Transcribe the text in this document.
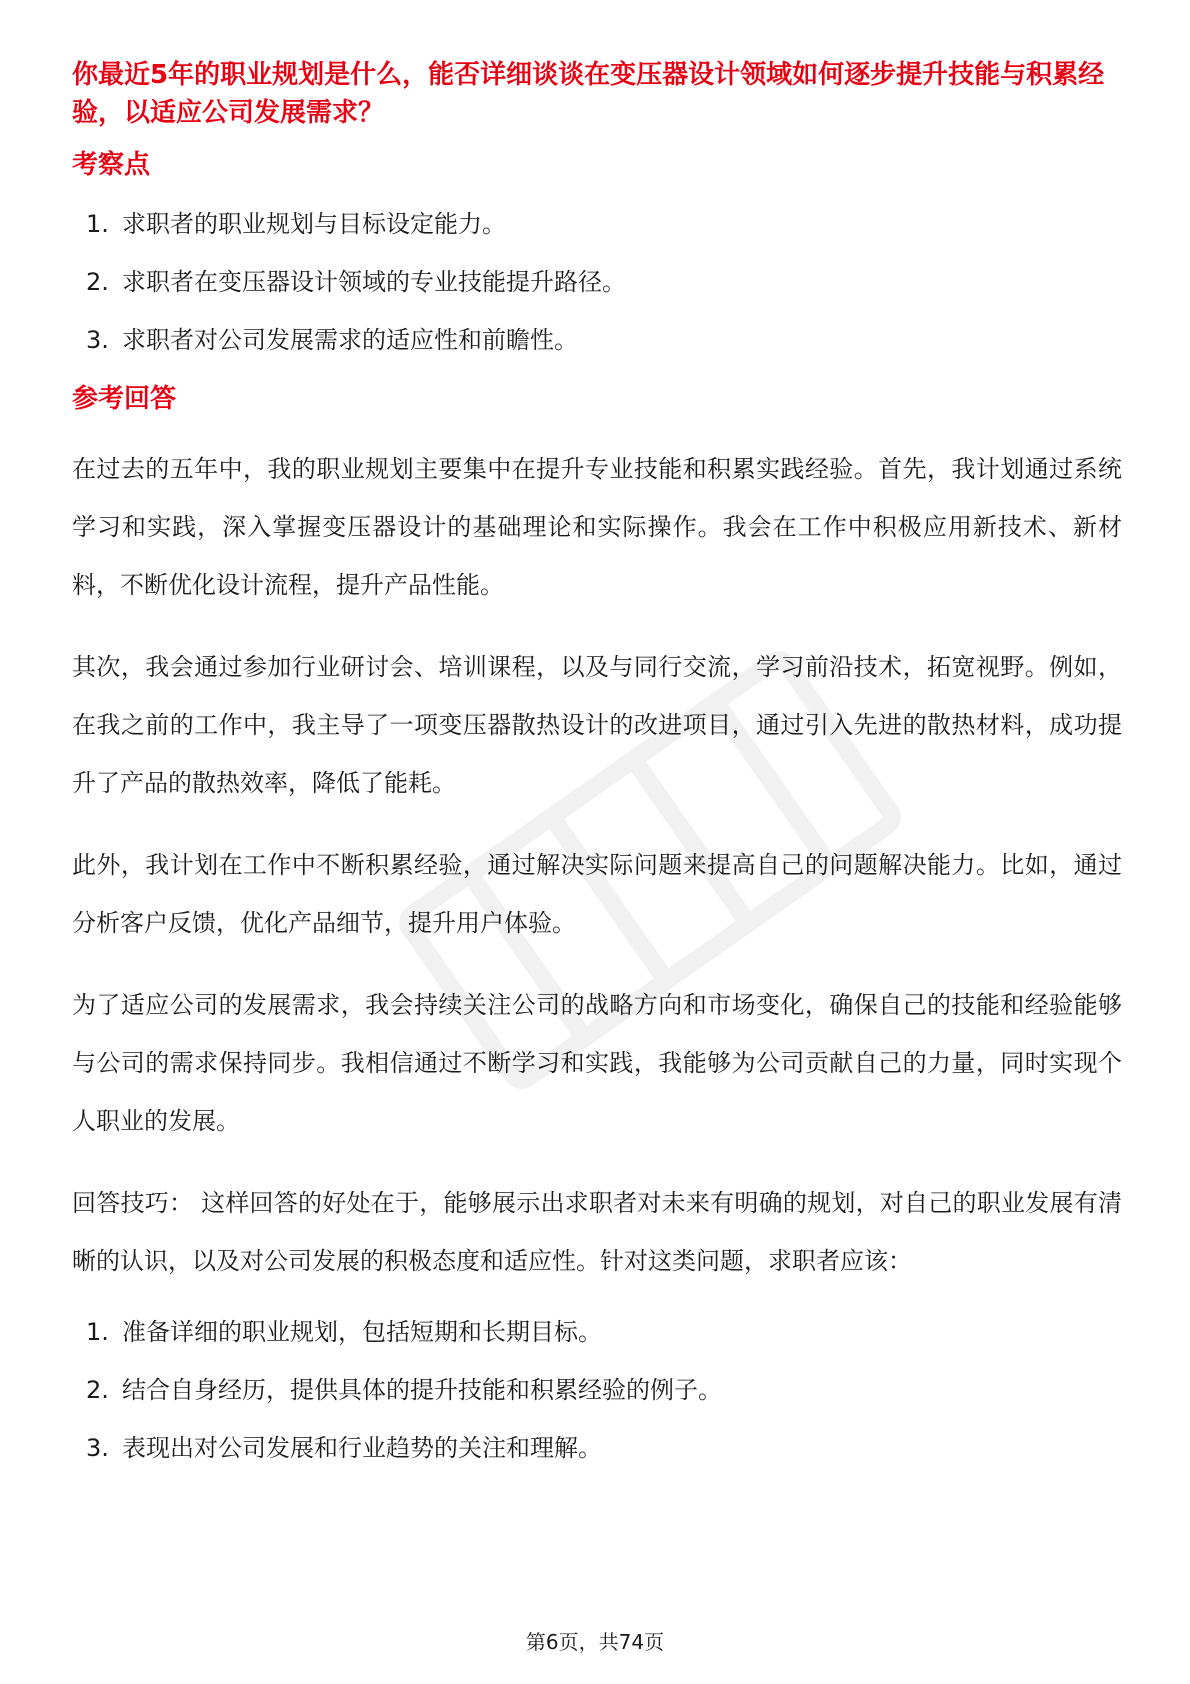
你最近5年的职业规划是什么，能否详细谈谈在变压器设计领域如何逐步提升技能与积累经验，以适应公司发展需求？
考察点
1. 求职者的职业规划与目标设定能力。
2. 求职者在变压器设计领域的专业技能提升路径。
3. 求职者对公司发展需求的适应性和前瞻性。
参考回答

在过去的五年中，我的职业规划主要集中在提升专业技能和积累实践经验。首先，我计划通过系统学习和实践，深入掌握变压器设计的基础理论和实际操作。我会在工作中积极应用新技术、新材料，不断优化设计流程，提升产品性能。

其次，我会通过参加行业研讨会、培训课程，以及与同行交流，学习前沿技术，拓宽视野。例如，在我之前的工作中，我主导了一项变压器散热设计的改进项目，通过引入先进的散热材料，成功提升了产品的散热效率，降低了能耗。

此外，我计划在工作中不断积累经验，通过解决实际问题来提高自己的问题解决能力。比如，通过分析客户反馈，优化产品细节，提升用户体验。

为了适应公司的发展需求，我会持续关注公司的战略方向和市场变化，确保自己的技能和经验能够与公司的需求保持同步。我相信通过不断学习和实践，我能够为公司贡献自己的力量，同时实现个人职业的发展。

回答技巧： 这样回答的好处在于，能够展示出求职者对未来有明确的规划，对自己的职业发展有清晰的认识，以及对公司发展的积极态度和适应性。针对这类问题，求职者应该：

1. 准备详细的职业规划，包括短期和长期目标。
2. 结合自身经历，提供具体的提升技能和积累经验的例子。
3. 表现出对公司发展和行业趋势的关注和理解。
第6页，共74页
